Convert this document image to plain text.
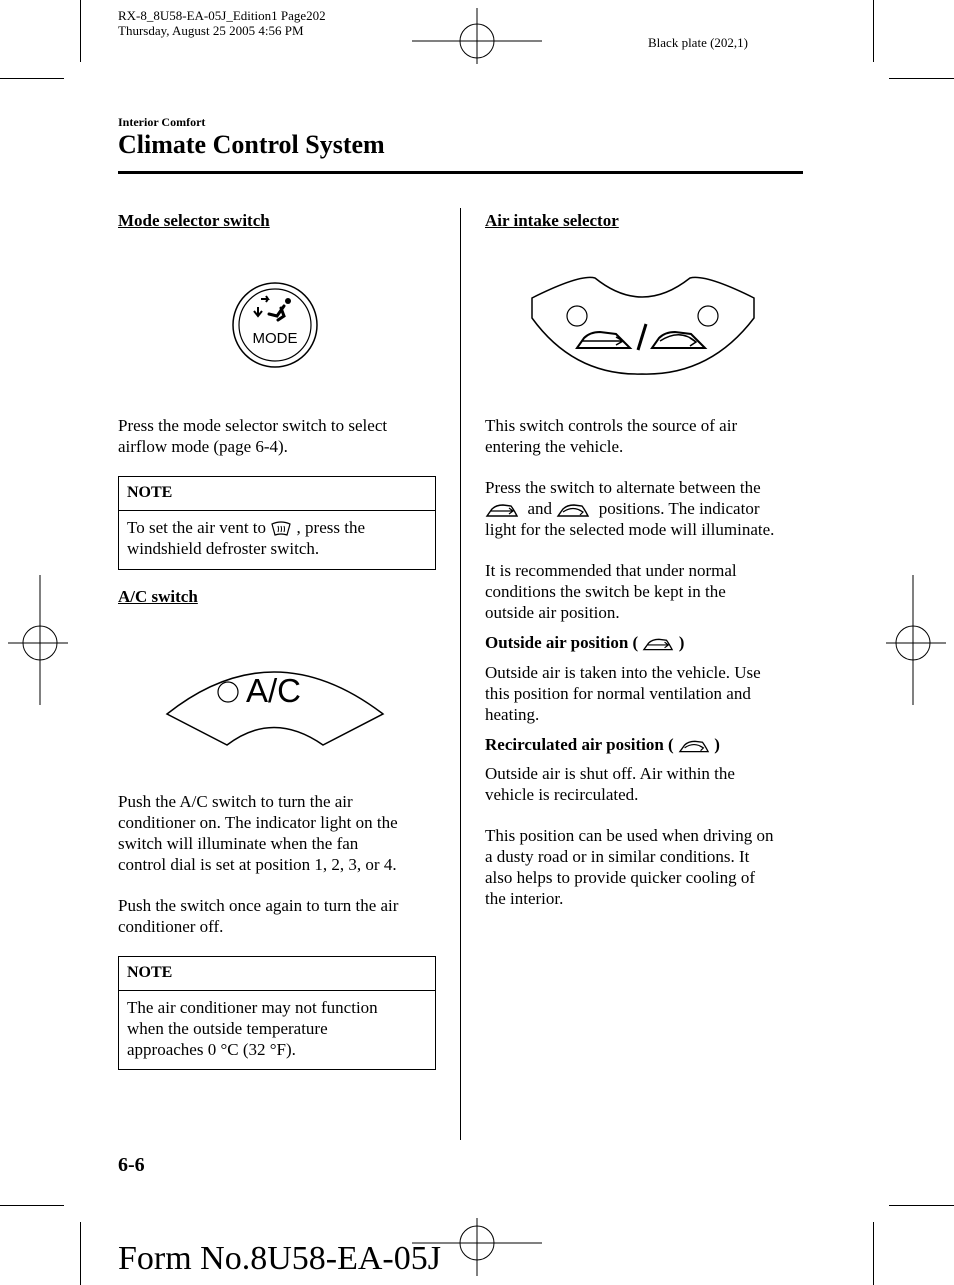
RX-8_8U58-EA-05J_Edition1 Page202
Thursday, August 25 2005 4:56 PM
Black plate (202,1)
Interior Comfort
Climate Control System
Mode selector switch
MODE
Press the mode selector switch to select
airflow mode (page 6-4).
NOTE
To set the air vent to , press the
windshield defroster switch.
A/C switch
A/C
Push the A/C switch to turn the air
conditioner on. The indicator light on the
switch will illuminate when the fan
control dial is set at position 1, 2, 3, or 4.
Push the switch once again to turn the air
conditioner off.
NOTE
The air conditioner may not function
when the outside temperature
approaches 0 °C (32 °F).
Air intake selector
This switch controls the source of air
entering the vehicle.
Press the switch to alternate between the
and	positions. The indicator
light for the selected mode will illuminate.
It is recommended that under normal
conditions the switch be kept in the
outside air position.
Outside air position ( )
Outside air is taken into the vehicle. Use
this position for normal ventilation and
heating.
Recirculated air position ( )
Outside air is shut off. Air within the
vehicle is recirculated.
This position can be used when driving on
a dusty road or in similar conditions. It
also helps to provide quicker cooling of
the interior.
6-6
Form No.8U58-EA-05J
